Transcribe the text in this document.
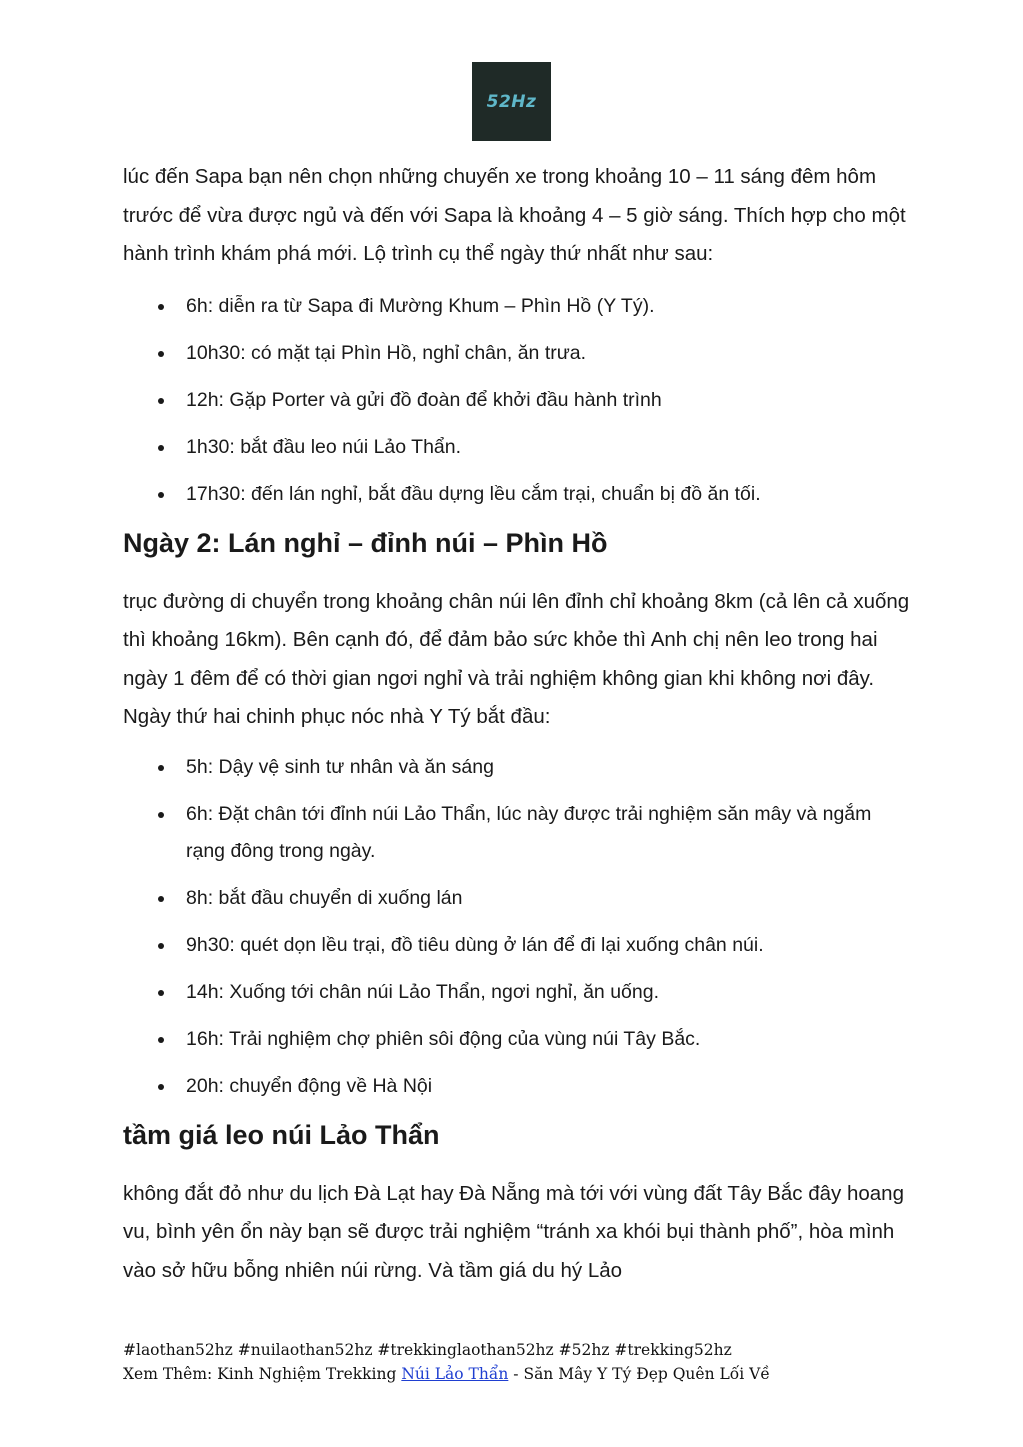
52Hz

lúc đến Sapa bạn nên chọn những chuyến xe trong khoảng 10 – 11 sáng đêm hôm trước để vừa được ngủ và đến với Sapa là khoảng 4 – 5 giờ sáng. Thích hợp cho một hành trình khám phá mới. Lộ trình cụ thể ngày thứ nhất như sau:

6h: diễn ra từ Sapa đi Mường Khum – Phìn Hồ (Y Tý).
10h30: có mặt tại Phìn Hồ, nghỉ chân, ăn trưa.
12h: Gặp Porter và gửi đồ đoàn để khởi đầu hành trình
1h30: bắt đầu leo núi Lảo Thẩn.
17h30: đến lán nghỉ, bắt đầu dựng lều cắm trại, chuẩn bị đồ ăn tối.
Ngày 2: Lán nghỉ – đỉnh núi – Phìn Hồ

trục đường di chuyển trong khoảng chân núi lên đỉnh chỉ khoảng 8km (cả lên cả xuống thì khoảng 16km). Bên cạnh đó, để đảm bảo sức khỏe thì Anh chị nên leo trong hai ngày 1 đêm để có thời gian ngơi nghỉ và trải nghiệm không gian khi không nơi đây. Ngày thứ hai chinh phục nóc nhà Y Tý bắt đầu:

5h: Dậy vệ sinh tư nhân và ăn sáng
6h: Đặt chân tới đỉnh núi Lảo Thẩn, lúc này được trải nghiệm săn mây và ngắm rạng đông trong ngày.
8h: bắt đầu chuyển di xuống lán
9h30: quét dọn lều trại, đồ tiêu dùng ở lán để đi lại xuống chân núi.
14h: Xuống tới chân núi Lảo Thẩn, ngơi nghỉ, ăn uống.
16h: Trải nghiệm chợ phiên sôi động của vùng núi Tây Bắc.
20h: chuyển động về Hà Nội
tầm giá leo núi Lảo Thẩn

không đắt đỏ như du lịch Đà Lạt hay Đà Nẵng mà tới với vùng đất Tây Bắc đây hoang vu, bình yên ổn này bạn sẽ được trải nghiệm “tránh xa khói bụi thành phố”, hòa mình vào sở hữu bỗng nhiên núi rừng. Và tầm giá du hý Lảo

#laothan52hz #nuilaothan52hz #trekkinglaothan52hz #52hz #trekking52hz
Xem Thêm: Kinh Nghiệm Trekking Núi Lảo Thẩn - Săn Mây Y Tý Đẹp Quên Lối Về
